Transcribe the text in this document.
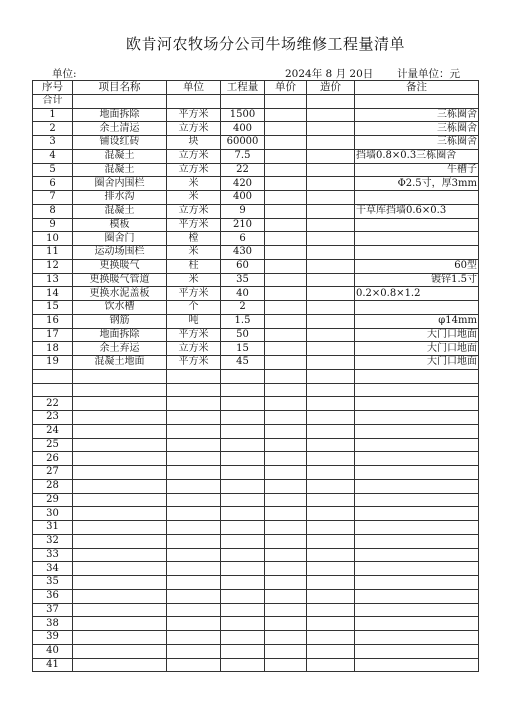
欧肯河农牧场分公司牛场维修工程量清单
单位:	2024年 8 月 20日 计量单位：元
序号	项目名称	单位	工程量	单价	造价	备注
合计						
1	地面拆除	平方米	1500			三栋圈舍
2	余土清运	立方米	400			三栋圈舍
3	铺设红砖	块	60000			三栋圈舍
4	混凝土	立方米	7.5			挡墙0.8×0.3三栋圈舍
5	混凝土	立方米	22			牛槽子
6	圈舍内围栏	米	420			Φ2.5寸，厚3mm
7	排水沟	米	400			
8	混凝土	立方米	9			干草库挡墙0.6×0.3
9	模板	平方米	210			
10	圈舍门	樘	6			
11	运动场围栏	米	430			
12	更换暖气	柱	60			60型
13	更换暖气管道	米	35			镀锌1.5寸
14	更换水泥盖板	平方米	40			0.2×0.8×1.2
15	饮水槽	个	2			
16	钢筋	吨	1.5			φ14mm
17	地面拆除	平方米	50			大门口地面
18	余土弃运	立方米	15			大门口地面
19	混凝土地面	平方米	45			大门口地面

22						
23						
24						
25						
26						
27						
28						
29						
30						
31						
32						
33						
34						
35						
36						
37						
38						
39						
40						
41						
